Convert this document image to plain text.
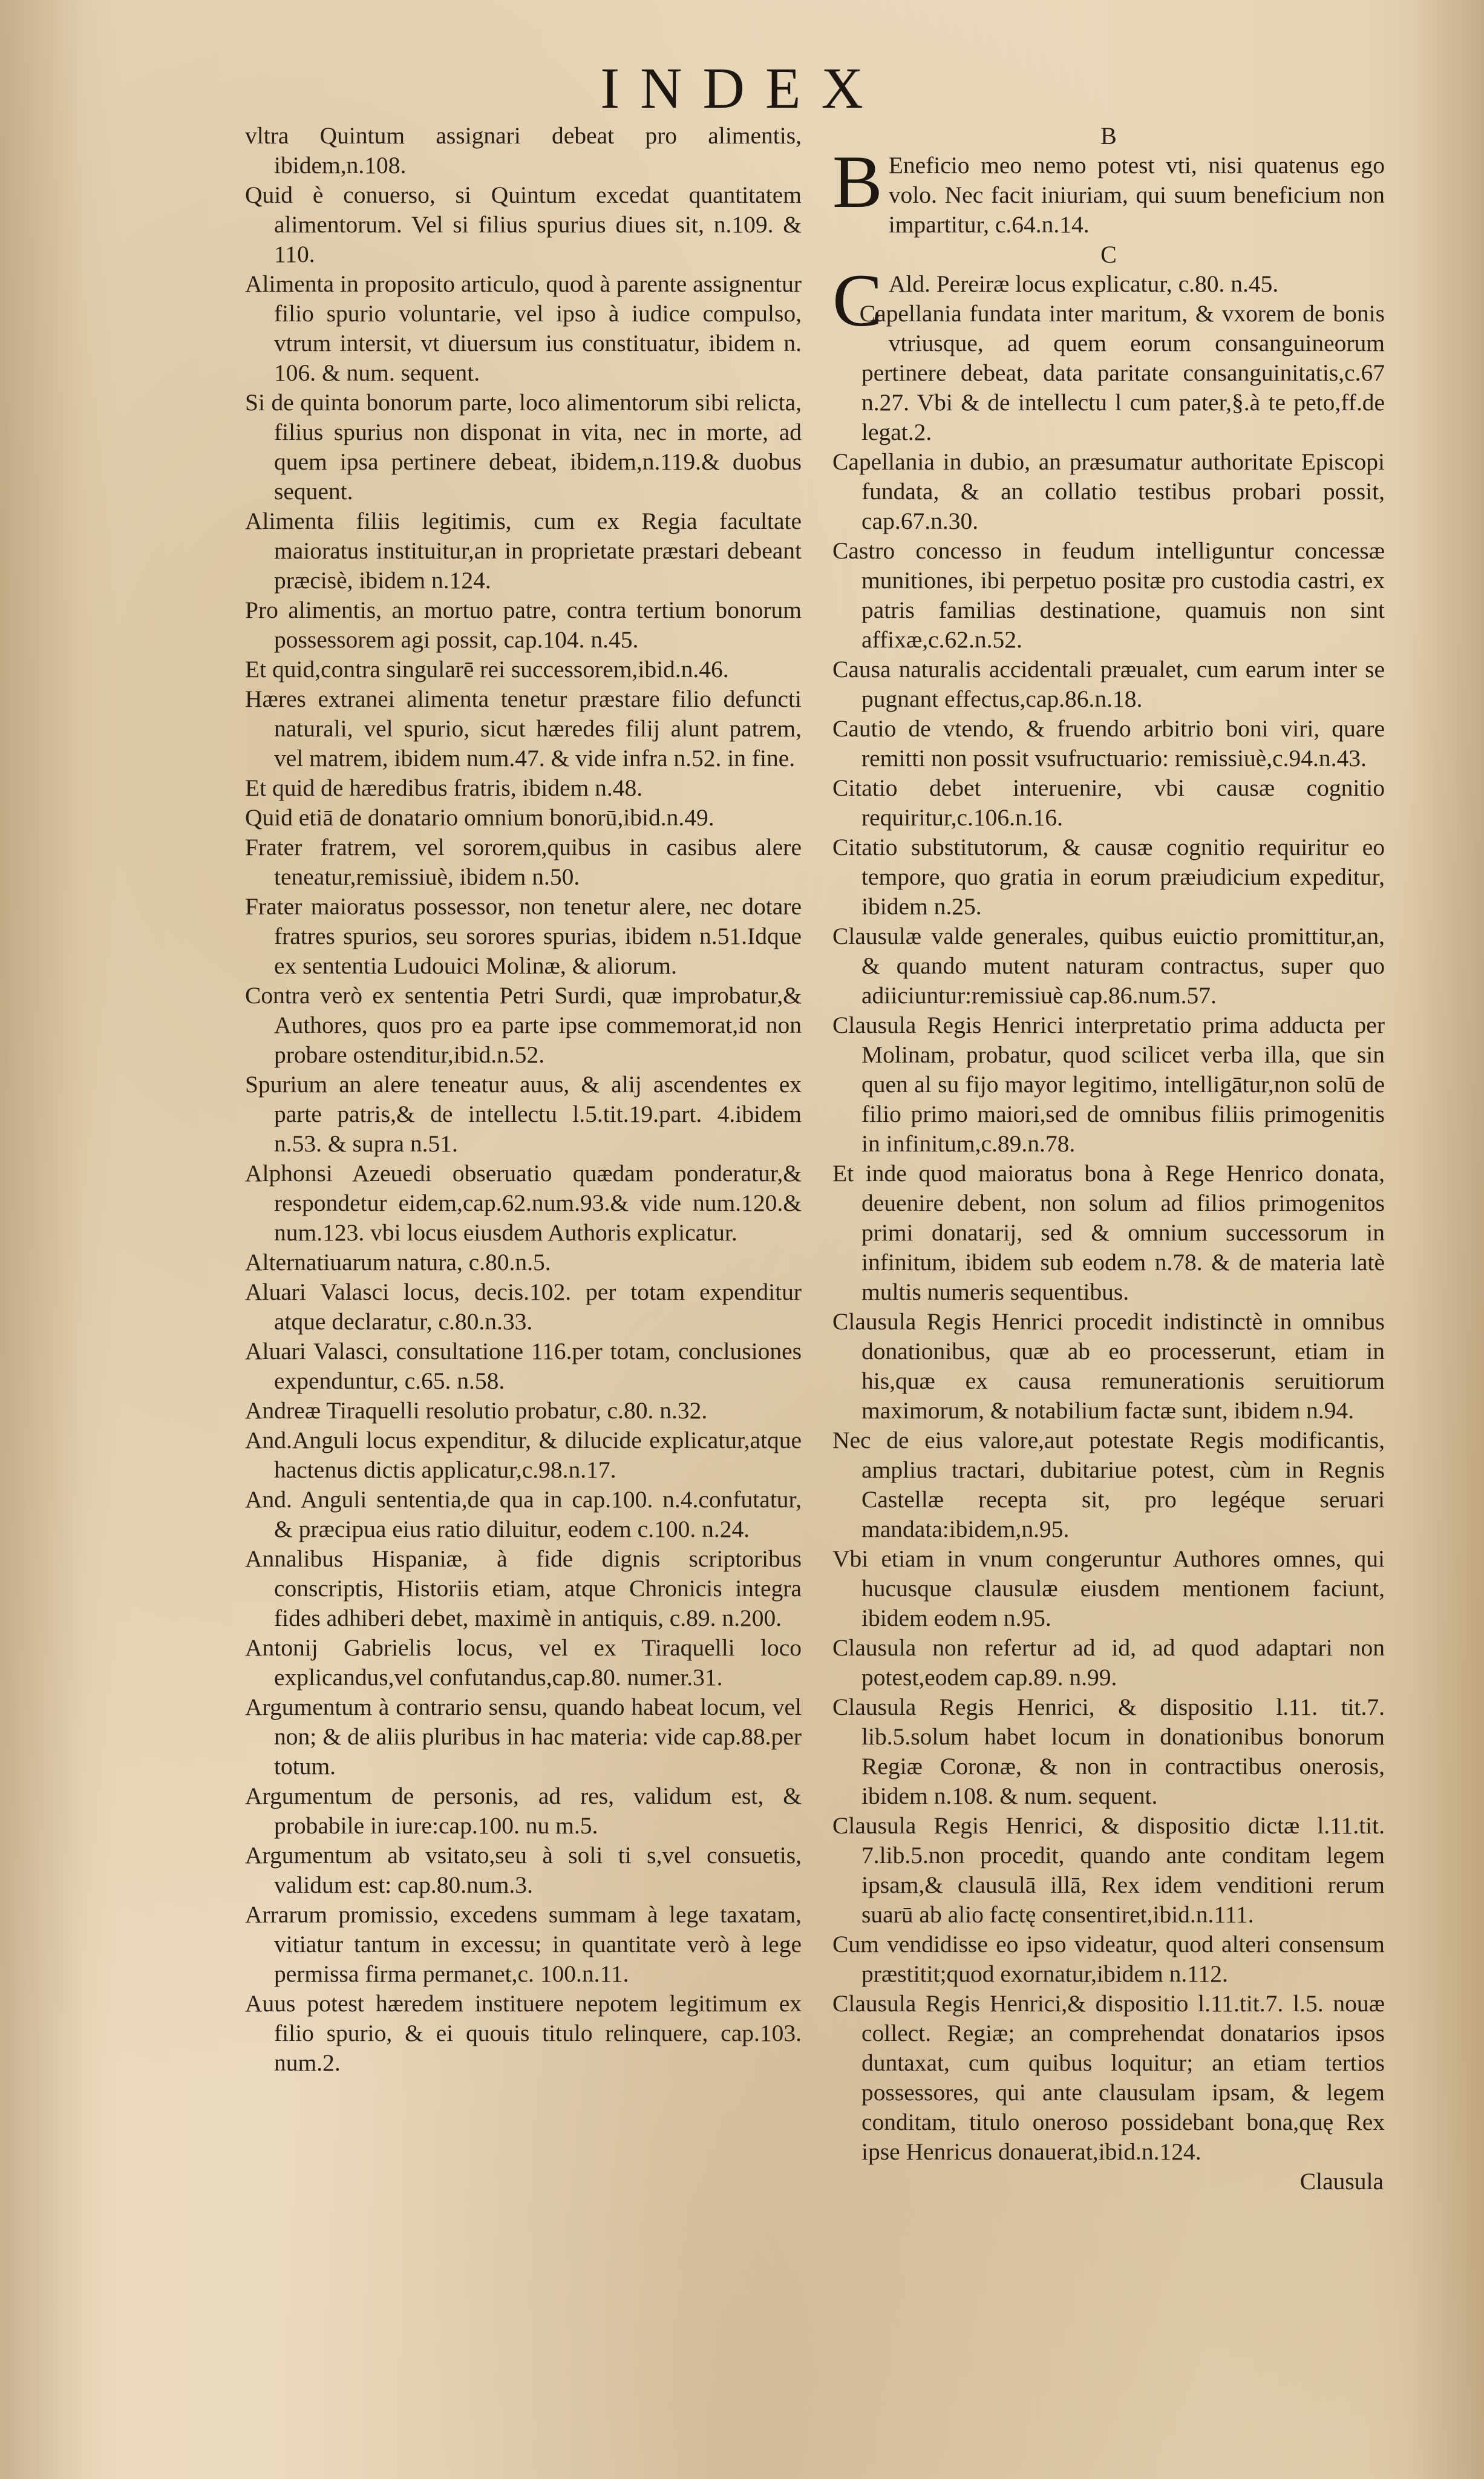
INDEX

vltra Quintum assignari debeat pro alimentis, ibidem,n.108.

Quid è conuerso, si Quintum excedat quantitatem alimentorum. Vel si filius spurius diues sit, n.109. & 110.

Alimenta in proposito articulo, quod à parente assignentur filio spurio voluntarie, vel ipso à iudice compulso, vtrum intersit, vt diuersum ius constituatur, ibidem n. 106. & num. sequent.

Si de quinta bonorum parte, loco alimentorum sibi relicta, filius spurius non disponat in vita, nec in morte, ad quem ipsa pertinere debeat, ibidem,n.119.& duobus sequent.

Alimenta filiis legitimis, cum ex Regia facultate maioratus instituitur,an in proprietate præstari debeant præcisè, ibidem n.124.

Pro alimentis, an mortuo patre, contra tertium bonorum possessorem agi possit, cap.104. n.45.

Et quid,contra singularē rei successorem,ibid.n.46.

Hæres extranei alimenta tenetur præstare filio defuncti naturali, vel spurio, sicut hæredes filij alunt patrem, vel matrem, ibidem num.47. & vide infra n.52. in fine.

Et quid de hæredibus fratris, ibidem n.48.

Quid etiā de donatario omnium bonorū,ibid.n.49.

Frater fratrem, vel sororem,quibus in casibus alere teneatur,remissiuè, ibidem n.50.

Frater maioratus possessor, non tenetur alere, nec dotare fratres spurios, seu sorores spurias, ibidem n.51.Idque ex sententia Ludouici Molinæ, & aliorum.

Contra verò ex sententia Petri Surdi, quæ improbatur,& Authores, quos pro ea parte ipse commemorat,id non probare ostenditur,ibid.n.52.

Spurium an alere teneatur auus, & alij ascendentes ex parte patris,& de intellectu l.5.tit.19.part. 4.ibidem n.53. & supra n.51.

Alphonsi Azeuedi obseruatio quædam ponderatur,& respondetur eidem,cap.62.num.93.& vide num.120.& num.123. vbi locus eiusdem Authoris explicatur.

Alternatiuarum natura, c.80.n.5.

Aluari Valasci locus, decis.102. per totam expenditur atque declaratur, c.80.n.33.

Aluari Valasci, consultatione 116.per totam, conclusiones expenduntur, c.65. n.58.

Andreæ Tiraquelli resolutio probatur, c.80. n.32.

And.Anguli locus expenditur, & dilucide explicatur,atque hactenus dictis applicatur,c.98.n.17.

And. Anguli sententia,de qua in cap.100. n.4.confutatur, & præcipua eius ratio diluitur, eodem c.100. n.24.

Annalibus Hispaniæ, à fide dignis scriptoribus conscriptis, Historiis etiam, atque Chronicis integra fides adhiberi debet, maximè in antiquis, c.89. n.200.

Antonij Gabrielis locus, vel ex Tiraquelli loco explicandus,vel confutandus,cap.80. numer.31.

Argumentum à contrario sensu, quando habeat locum, vel non; & de aliis pluribus in hac materia: vide cap.88.per totum.

Argumentum de personis, ad res, validum est, & probabile in iure:cap.100. nu m.5.

Argumentum ab vsitato,seu à soli ti s,vel consuetis, validum est: cap.80.num.3.

Arrarum promissio, excedens summam à lege taxatam, vitiatur tantum in excessu; in quantitate verò à lege permissa firma permanet,c. 100.n.11.

Auus potest hæredem instituere nepotem legitimum ex filio spurio, & ei quouis titulo relinquere, cap.103. num.2.

B

B Eneficio meo nemo potest vti, nisi quatenus ego volo. Nec facit iniuriam, qui suum beneficium non impartitur, c.64.n.14.

C

C Ald. Pereiræ locus explicatur, c.80. n.45.

Capellania fundata inter maritum, & vxorem de bonis vtriusque, ad quem eorum consanguineorum pertinere debeat, data paritate consanguinitatis,c.67 n.27. Vbi & de intellectu l cum pater,§.à te peto,ff.de legat.2.

Capellania in dubio, an præsumatur authoritate Episcopi fundata, & an collatio testibus probari possit, cap.67.n.30.

Castro concesso in feudum intelliguntur concessæ munitiones, ibi perpetuo positæ pro custodia castri, ex patris familias destinatione, quamuis non sint affixæ,c.62.n.52.

Causa naturalis accidentali præualet, cum earum inter se pugnant effectus,cap.86.n.18.

Cautio de vtendo, & fruendo arbitrio boni viri, quare remitti non possit vsufructuario: remissiuè,c.94.n.43.

Citatio debet interuenire, vbi causæ cognitio requiritur,c.106.n.16.

Citatio substitutorum, & causæ cognitio requiritur eo tempore, quo gratia in eorum præiudicium expeditur, ibidem n.25.

Clausulæ valde generales, quibus euictio promittitur,an, & quando mutent naturam contractus, super quo adiiciuntur:remissiuè cap.86.num.57.

Clausula Regis Henrici interpretatio prima adducta per Molinam, probatur, quod scilicet verba illa, que sin quen al su fijo mayor legitimo, intelligātur,non solū de filio primo maiori,sed de omnibus filiis primogenitis in infinitum,c.89.n.78.

Et inde quod maioratus bona à Rege Henrico donata, deuenire debent, non solum ad filios primogenitos primi donatarij, sed & omnium successorum in infinitum, ibidem sub eodem n.78. & de materia latè multis numeris sequentibus.

Clausula Regis Henrici procedit indistinctè in omnibus donationibus, quæ ab eo processerunt, etiam in his,quæ ex causa remunerationis seruitiorum maximorum, & notabilium factæ sunt, ibidem n.94.

Nec de eius valore,aut potestate Regis modificantis, amplius tractari, dubitariue potest, cùm in Regnis Castellæ recepta sit, pro legéque seruari mandata:ibidem,n.95.

Vbi etiam in vnum congeruntur Authores omnes, qui hucusque clausulæ eiusdem mentionem faciunt, ibidem eodem n.95.

Clausula non refertur ad id, ad quod adaptari non potest,eodem cap.89. n.99.

Clausula Regis Henrici, & dispositio l.11. tit.7. lib.5.solum habet locum in donationibus bonorum Regiæ Coronæ, & non in contractibus onerosis, ibidem n.108. & num. sequent.

Clausula Regis Henrici, & dispositio dictæ l.11.tit. 7.lib.5.non procedit, quando ante conditam legem ipsam,& clausulā illā, Rex idem venditioni rerum suarū ab alio factę consentiret,ibid.n.111.

Cum vendidisse eo ipso videatur, quod alteri consensum præstitit;quod exornatur,ibidem n.112.

Clausula Regis Henrici,& dispositio l.11.tit.7. l.5. nouæ collect. Regiæ; an comprehendat donatarios ipsos duntaxat, cum quibus loquitur; an etiam tertios possessores, qui ante clausulam ipsam, & legem conditam, titulo oneroso possidebant bona,quę Rex ipse Henricus donauerat,ibid.n.124.

Clausula
